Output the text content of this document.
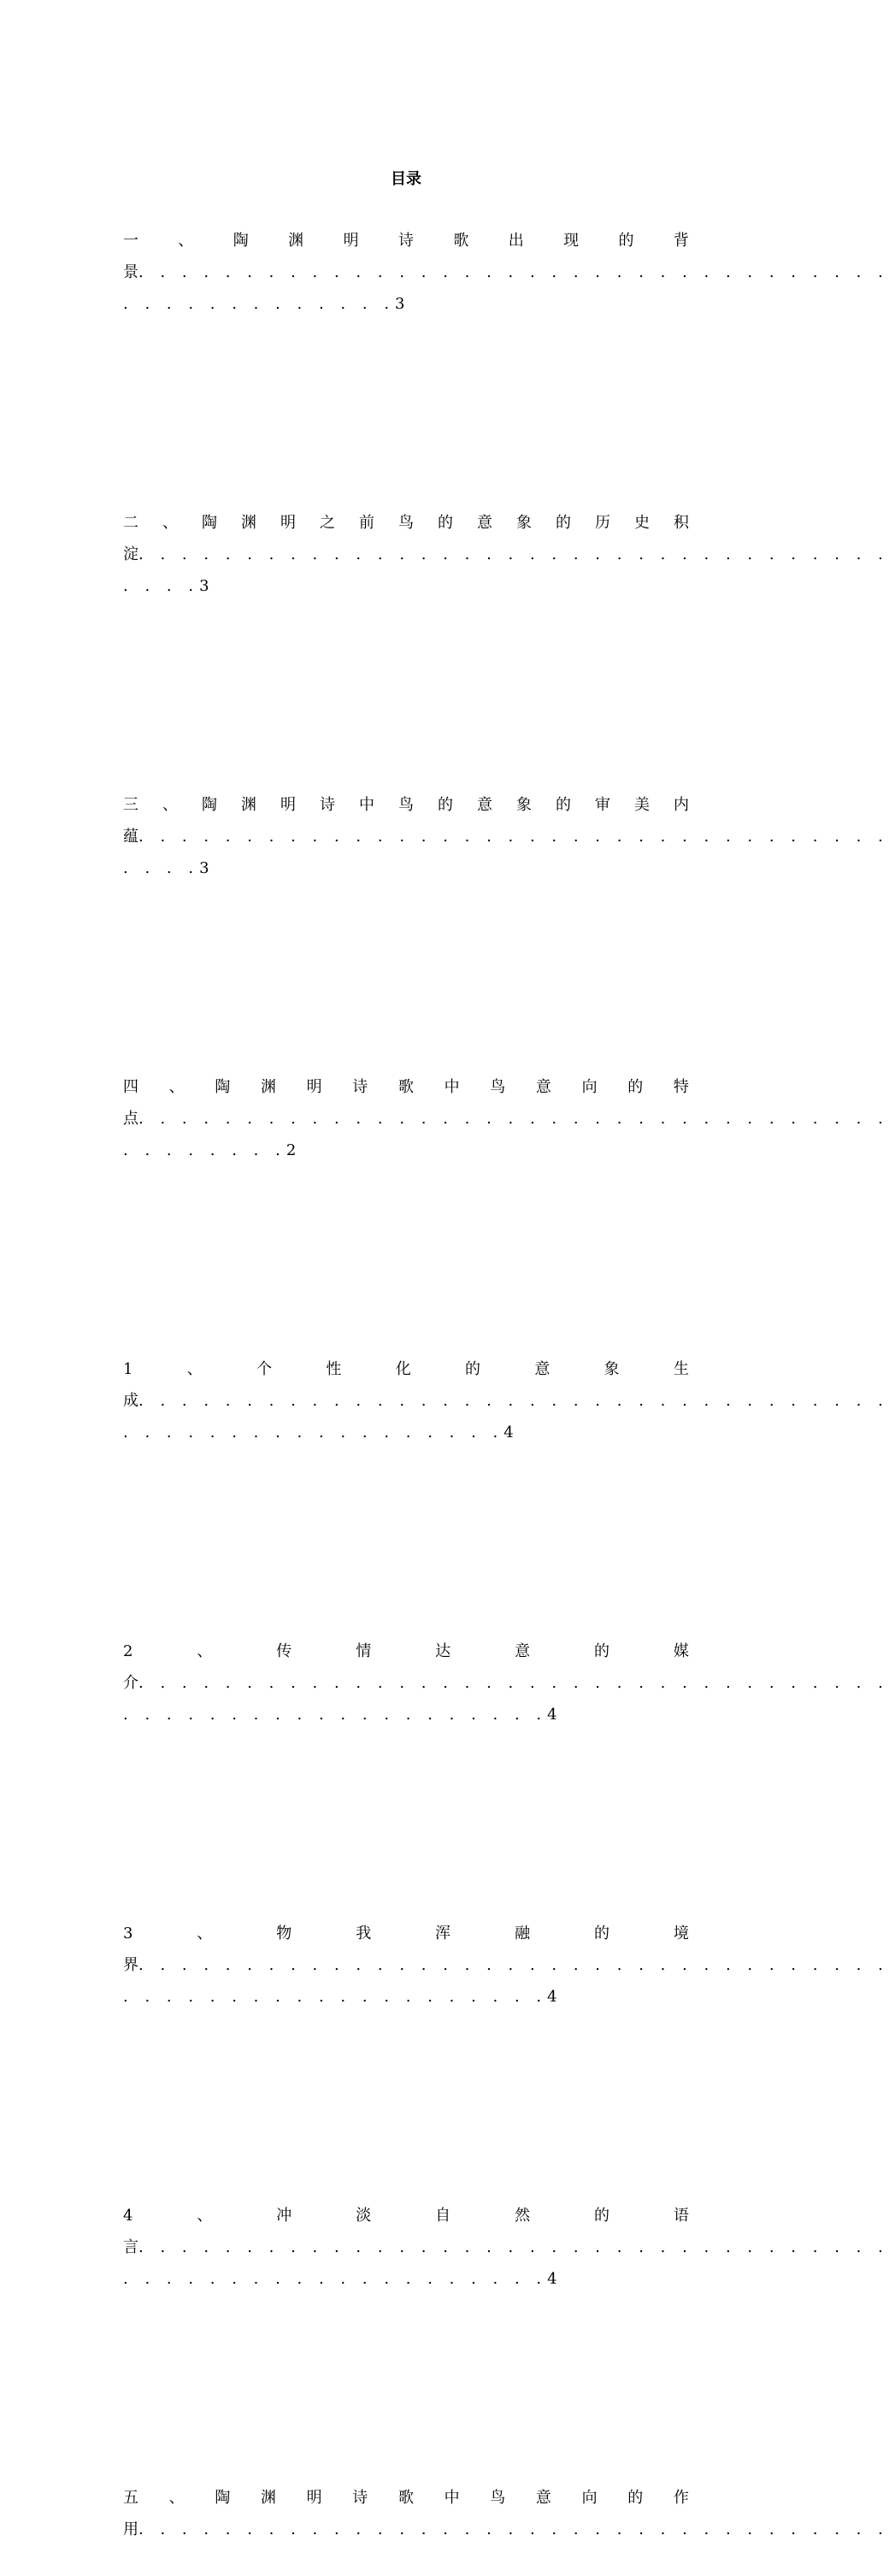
目录
一	、	陶	渊	明	诗	歌	出	现	的	背
景. . . . . . . . . . . . . . . . . . . . . . . . . . . . . . . . . . .
. . . . . . . . . . . . .3
二 、 陶 渊 明 之 前 鸟 的 意 象 的 历 史 积
淀. . . . . . . . . . . . . . . . . . . . . . . . . . . . . . . . . . .
. . . .3
三 、 陶 渊 明 诗 中 鸟 的 意 象 的 审 美 内
蕴. . . . . . . . . . . . . . . . . . . . . . . . . . . . . . . . . . .
. . . .3
四 、 陶 渊 明 诗 歌 中 鸟 意 向 的 特
点. . . . . . . . . . . . . . . . . . . . . . . . . . . . . . . . . . .
. . . . . . . .2
1	、	个	性	化	的	意	象	生
成. . . . . . . . . . . . . . . . . . . . . . . . . . . . . . . . . . .
. . . . . . . . . . . . . . . . . .4
2	、	传	情	达	意	的	媒
介. . . . . . . . . . . . . . . . . . . . . . . . . . . . . . . . . . .
. . . . . . . . . . . . . . . . . . . .4
3	、	物	我	浑	融	的	境
界. . . . . . . . . . . . . . . . . . . . . . . . . . . . . . . . . . .
. . . . . . . . . . . . . . . . . . . .4
4	、	冲	淡	自	然	的	语
言. . . . . . . . . . . . . . . . . . . . . . . . . . . . . . . . . . .
. . . . . . . . . . . . . . . . . . . .4
五 、 陶 渊 明 诗 歌 中 鸟 意 向 的 作
用. . . . . . . . . . . . . . . . . . . . . . . . . . . . . . . . . . .
